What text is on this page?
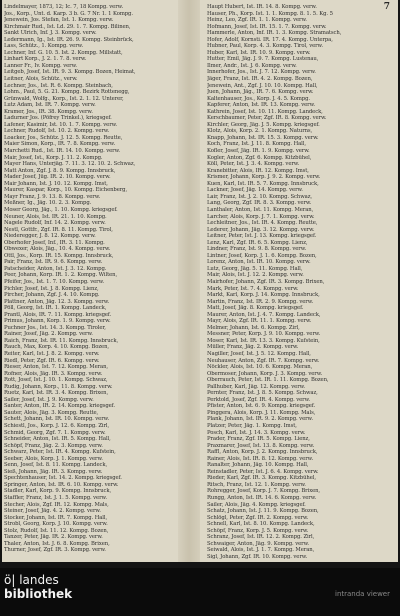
7

Lindelmayer, 1873, 12; Ic. 7, 18 Kompg. verw.

Jos., Korp., Unt. d. Karp. 3 b. G. 7 Nr. 1. 1 Kompg.

Jenewein, Jos. Stefan, Ist. 1. Kompg. verw.

Kirchmair Rud., Ist. Ld. 29. 1. 7. Kompg. Bilinen,

Sankt Ulrich, Inf. J. 3. Kompg. verw.

Ledermann, Ig., Ist. IR. 26. 9. Kompg. Steinbrück,

Lass, Schütz., 1. Kompg. verw.

Lechner, Inf. G. 10. 5. Ist. 2. Kompg. Millstatt,

Linhart Korp., J. 2. 1. 7. 8. verw.

Lanner Fr., Iv. Kompg. verw.

Leitgeb, Josef, Ist. IR. 9. 3. Kompg. Bozen, Heimat,

Leitner, Alois, Schütz., verw.

Lechner, Jos., Ist. R. 6. Kompg. Steinbach,

Lohm., Paul, 5. G. 21. Kompg. Bezirk Rottenegg,

Grünwald, Wolfg., Korp., Ist. 2. 1. 12. Unterer,

Lutz Adam, Ist. IR. 7. Kompg. verw.

Kramer, Jos., IR. 38. Kompg. verw.

Ladurner Jos. (Pöfrey Trinkel.), kriegsgef.

Lafener, Kasimir, Ist. 10. 1. 7. Kompg. verw.

Lechner, Rudolf, Ist. 10. 2. Kompg. verw.

Loacker, Jos., Schütz. J. 12. 5. Kompg. Reutte,

Maier Simon, Korp., IR. 7. 8. Kompg. verw.

Marchetti Rud., Ist. IR. 14. 10. Kompg. verw.

Mair, Josef, Ist., Korp. J. 11. 2. Kompg.

Mayer Hans, Unterjäg. 7. 11. 3. 12. 10. 2. Schwaz,

Matt Anton, Zgf. J. 8. 9. Kompg. Innsbruck,

Mader Josef, Jüg. IR. 2. 10. Kompg. verw.

Mair Johann, Ist. J. 10. 12. Kompg. Imst,

Maurer, Kaspar, Korp., 10. Kompg. Eichenberg,

Mayr Franz, J. 9. 13. 8. Kompg. verw.

Meßner, Ig., Jäg. 10. 2. 3. Kompg.

Moser Georg, Jäg., 1. 10. Kompg. kriegsgef.

Neuner, Alois, Ist. IR. 21. 1. 10. Kompg.

Nagele Rudolf, Inf. 14. 2. Kompg. verw.

Nestl, Gottfr., Zgf. IR. 8. 11. Kompg. Tirol,

Niederegger, J. 8. 12. Kompg. verw.

Oberhofer Josef, Inf., IR. 3. 11. Kompg.

Obwexer, Alois, Jäg., 10. 4. Kompg. verw.

Öttl, Jos., Korp. IR. 15. Kompg. Innsbruck,

Pair, Franz, Ist. IR. 9. 6. Kompg. verw.

Patscheider, Anton, Ist. J. 3. 12. Kompg.

Peer, Johann, Korp. IR. 1. 2. Kompg. Wilten,

Pfeifer, Jos., Ist. 1. 7. 10. Kompg. verw.

Pichler, Josef, Ist. J. 8. Kompg. Lienz,

Pircher, Johann, Zgf. J. 4. 10. Kompg.

Plattner, Anton, Jäg. 12. 3. Kompg. verw.

Pöll, Georg, Ist. IR. 1. Kompg. Landeck,

Prantl, Alois, IR. 7. 11. Kompg. kriegsgef.

Primus, Johann, Korp. 1. 9. Kompg. verw.

Puchner Jos., Ist. 14. 3. Kompg. Tiroler,

Rainer, Josef, Jäg. 2. Kompg. verw.

Raich, Franz, Ist. IR. 11. Kompg. Innsbruck,

Rauch, Max, Korp. 4. 10. Kompg. Bozen,

Reiter, Karl, Ist. J. 8. 2. Kompg. verw.

Riedl, Peter, Zgf. IR. 6. Kompg. verw.

Rieser, Anton, Ist. 7. 12. Kompg. Meran,

Rofner, Alois, Jäg. IR. 3. Kompg. verw.

Rott, Josef, Ist. J. 10. 1. Kompg. Schwaz,

Rudig, Johann, Korp., 11. 8. Kompg. verw.

Ruetz, Karl, Ist. IR. 3. 4. Kompg. Brixen,

Sailer, Josef, Ist. J. 9. Kompg. verw.

Santer, Anton, IR. 2. 14. Kompg. kriegsgef.

Sauter, Alois, Jäg. 3. Kompg. Reutte,

Schett, Johann, Ist. IR. 10. Kompg. verw.

Schiestl, Jos., Korp. J. 12. 6. Kompg. Zirl,

Schmid, Georg, Zgf. 7. 1. Kompg. verw.

Schneider, Anton, Ist. IR. 5. Kompg. Hall,

Schöpf, Franz, Jäg. 2. 3. Kompg. verw.

Schwarz, Peter, Ist. IR. 4. Kompg. Kufstein,

Seeber, Alois, Korp. J. 1. Kompg. verw.

Senn, Josef, Ist. 8. 11. Kompg. Landeck,

Sieß, Johann, Jäg. IR. 3. Kompg. verw.

Spechtenhauser, Ist. 14. 2. Kompg. kriegsgef.

Springer, Anton, Ist. IR. 6. 10. Kompg. verw.

Stadler, Karl, Korp. 9. Kompg. Innsbruck,

Staffler, Franz, Ist. J. 1. 5. Kompg. verw.

Stecher, Alois, Zgf. IR. 12. Kompg. Mals,

Steiner, Josef, Jäg. 4. 2. Kompg. verw.

Stocker, Johann, Ist. IR. 7. Kompg. Hall,

Strobl, Georg, Korp. J. 10. Kompg. verw.

Stolz, Rudolf, Ist. 11. 12. Kompg. Bozen,

Tanzer, Peter, Jäg. IR. 2. Kompg. verw.

Thaler, Anton, Ist. J. 6. 8. Kompg. Brixen,

Thurner, Josef, Zgf. IR. 3. Kompg. verw.

Haupt Hubert, Ist. IR. 14. 8. Kompg. verw.

Hauser, Ph., Korp. Ist. 1. 1. Kompg. 8. 1. 5. Kg. 5

Heinz, Leo, Zgf. IR. 1. 1. Kompg. verw.

Hofmann, Josef, Ist. IR. 15. 1. 7. Kompg. verw.

Hammerle, Anton, Inf. IR. 1. 3. Kompg. Stramatsch,

Hofer, Adolf, Kornsti. IR. 17. 4. Kompg. Unterpa,

Hubner, Paul, Korp. 4. 3. Kompg. Tirol, verw.

Huber, Karl, Ist. IR. 10. 9. Kompg. verw.

Hutter, Emil, Jäg. J. 9. 7. Kompg. Lustenau,

Ilmer, Andr., Ist. J. 6. Kompg. verw.

Innerhofer, Jos., Ist. J. 7. 12. Kompg. verw.

Jäger, Franz, Ist. IR. 4. 2. Kompg. Bozen,

Jenewein, Ant., Zgf. J. 10. 10. Kompg. Hall,

Juen, Johann, Jäg., IR. 7. 6. Kompg. verw.

Kaltenhauser, Jos., Korp. J. 4. 5. Kompg.

Kapferer, Anton, Ist. IR. 13. Kompg. verw.

Kathrein, Josef, Ist. 10. 11. Kompg. Landeck,

Kerschbaumer, Peter, Zgf. IR. 8. Kompg. verw.

Kirchler, Georg, Jäg. J. 5. Kompg. kriegsgef.

Klotz, Alois, Korp. 2. 1. Kompg. Naturns,

Knapp, Johann, Ist. IR. 15. 3. Kompg. verw.

Koch, Franz, Ist. J. 11. 8. Kompg. Hall,

Kofler, Josef, Jäg. IR. 1. 9. Kompg. verw.

Kogler, Anton, Zgf. 6. Kompg. Kitzbühel,

Köll, Peter, Ist. J. 3. 4. Kompg. verw.

Kranebitter, Alois, IR. 12. Kompg. Imst,

Krismer, Johann, Korp. J. 9. 2. Kompg. verw.

Kuen, Karl, Ist. IR. 5. 7. Kompg. Innsbruck,

Lackner, Josef, Jäg. 14. Kompg. verw.

Lair, Franz, Ist. J. 2. 10. Kompg. Schwaz,

Lang, Georg, Zgf. IR. 8. 3. Kompg. verw.

Lanthaler, Anton, Ist. 11. Kompg. Meran,

Larcher, Alois, Korp. J. 7. 1. Kompg. verw.

Lechleitner, Jos., Ist. IR. 4. Kompg. Reutte,

Lederer, Johann, Jäg. 3. 12. Kompg. verw.

Leitner, Peter, Ist. J. 13. Kompg. kriegsgef.

Lenz, Karl, Zgf. IR. 6. 5. Kompg. Lienz,

Lindner, Franz, Ist. 9. 8. Kompg. verw.

Lintner, Josef, Korp. J. 1. 6. Kompg. Bozen,

Lorenz, Anton, Ist. IR. 10. Kompg. verw.

Lutz, Georg, Jäg. 5. 11. Kompg. Hall,

Mair, Alois, Ist. J. 12. 2. Kompg. verw.

Mairhofer, Johann, Zgf. IR. 3. Kompg. Brixen,

Mark, Peter, Ist. 7. 4. Kompg. verw.

Markt, Karl, Korp. J. 14. Kompg. Innsbruck,

Martin, Franz, Ist. IR. 2. 9. Kompg. verw.

Matt, Josef, Jäg. 8. Kompg. kriegsgef.

Maurer, Anton, Ist. J. 4. 7. Kompg. Landeck,

Mayr, Alois, Zgf. IR. 11. 1. Kompg. verw.

Melmer, Johann, Ist. 6. Kompg. Zirl,

Messner, Peter, Korp. J. 9. 10. Kompg. verw.

Moser, Karl, Ist. IR. 13. 3. Kompg. Kufstein,

Müller, Franz, Jäg. 2. Kompg. verw.

Nagiller, Josef, Ist. J. 5. 12. Kompg. Hall,

Neuhauser, Anton, Zgf. IR. 7. Kompg. verw.

Nöckler, Alois, Ist. 10. 6. Kompg. Meran,

Obermoser, Johann, Korp. J. 3. Kompg. verw.

Oberrauch, Peter, Ist. IR. 1. 11. Kompg. Bozen,

Pallhuber, Karl, Jäg. 12. Kompg. verw.

Pernter, Franz, Ist. J. 8. 5. Kompg. Schwaz,

Perktold, Josef, Zgf. IR. 4. Kompg. verw.

Pfister, Anton, Ist. 6. 9. Kompg. kriegsgef.

Pinggera, Alois, Korp. J. 11. Kompg. Mals,

Plank, Johann, Ist. IR. 9. 2. Kompg. verw.

Platzer, Peter, Jäg. 1. Kompg. Imst,

Posch, Karl, Ist. J. 14. 3. Kompg. verw.

Prader, Franz, Zgf. IR. 5. Kompg. Lienz,

Praxmarer, Josef, Ist. 13. 8. Kompg. verw.

Raffl, Anton, Korp. J. 2. Kompg. Innsbruck,

Rainer, Alois, Ist. IR. 8. 12. Kompg. verw.

Ranalter, Johann, Jäg. 10. Kompg. Hall,

Reinstadler, Peter, Ist. J. 6. 4. Kompg. verw.

Rieder, Karl, Zgf. IR. 3. Kompg. Kitzbühel,

Ritsch, Franz, Ist. 12. 1. Kompg. verw.

Rohregger, Josef, Korp. J. 7. Kompg. Brixen,

Rungg, Anton, Ist. IR. 14. 6. Kompg. verw.

Sailer, Alois, Jäg. 4. Kompg. kriegsgef.

Schatz, Johann, Ist. J. 11. 9. Kompg. Bozen,

Schlögl, Peter, Zgf. IR. 2. Kompg. verw.

Schnell, Karl, Ist. 8. 10. Kompg. Landeck,

Schöpf, Franz, Korp. J. 5. Kompg. verw.

Schranz, Josef, Ist. IR. 12. 2. Kompg. Zirl,

Schwaiger, Anton, Jäg. 9. Kompg. verw.

Seiwald, Alois, Ist. J. 1. 7. Kompg. Meran,

Sigl, Johann, Zgf. IR. 10. Kompg. verw.

ö| landes
bibliothek	intranda viewer
